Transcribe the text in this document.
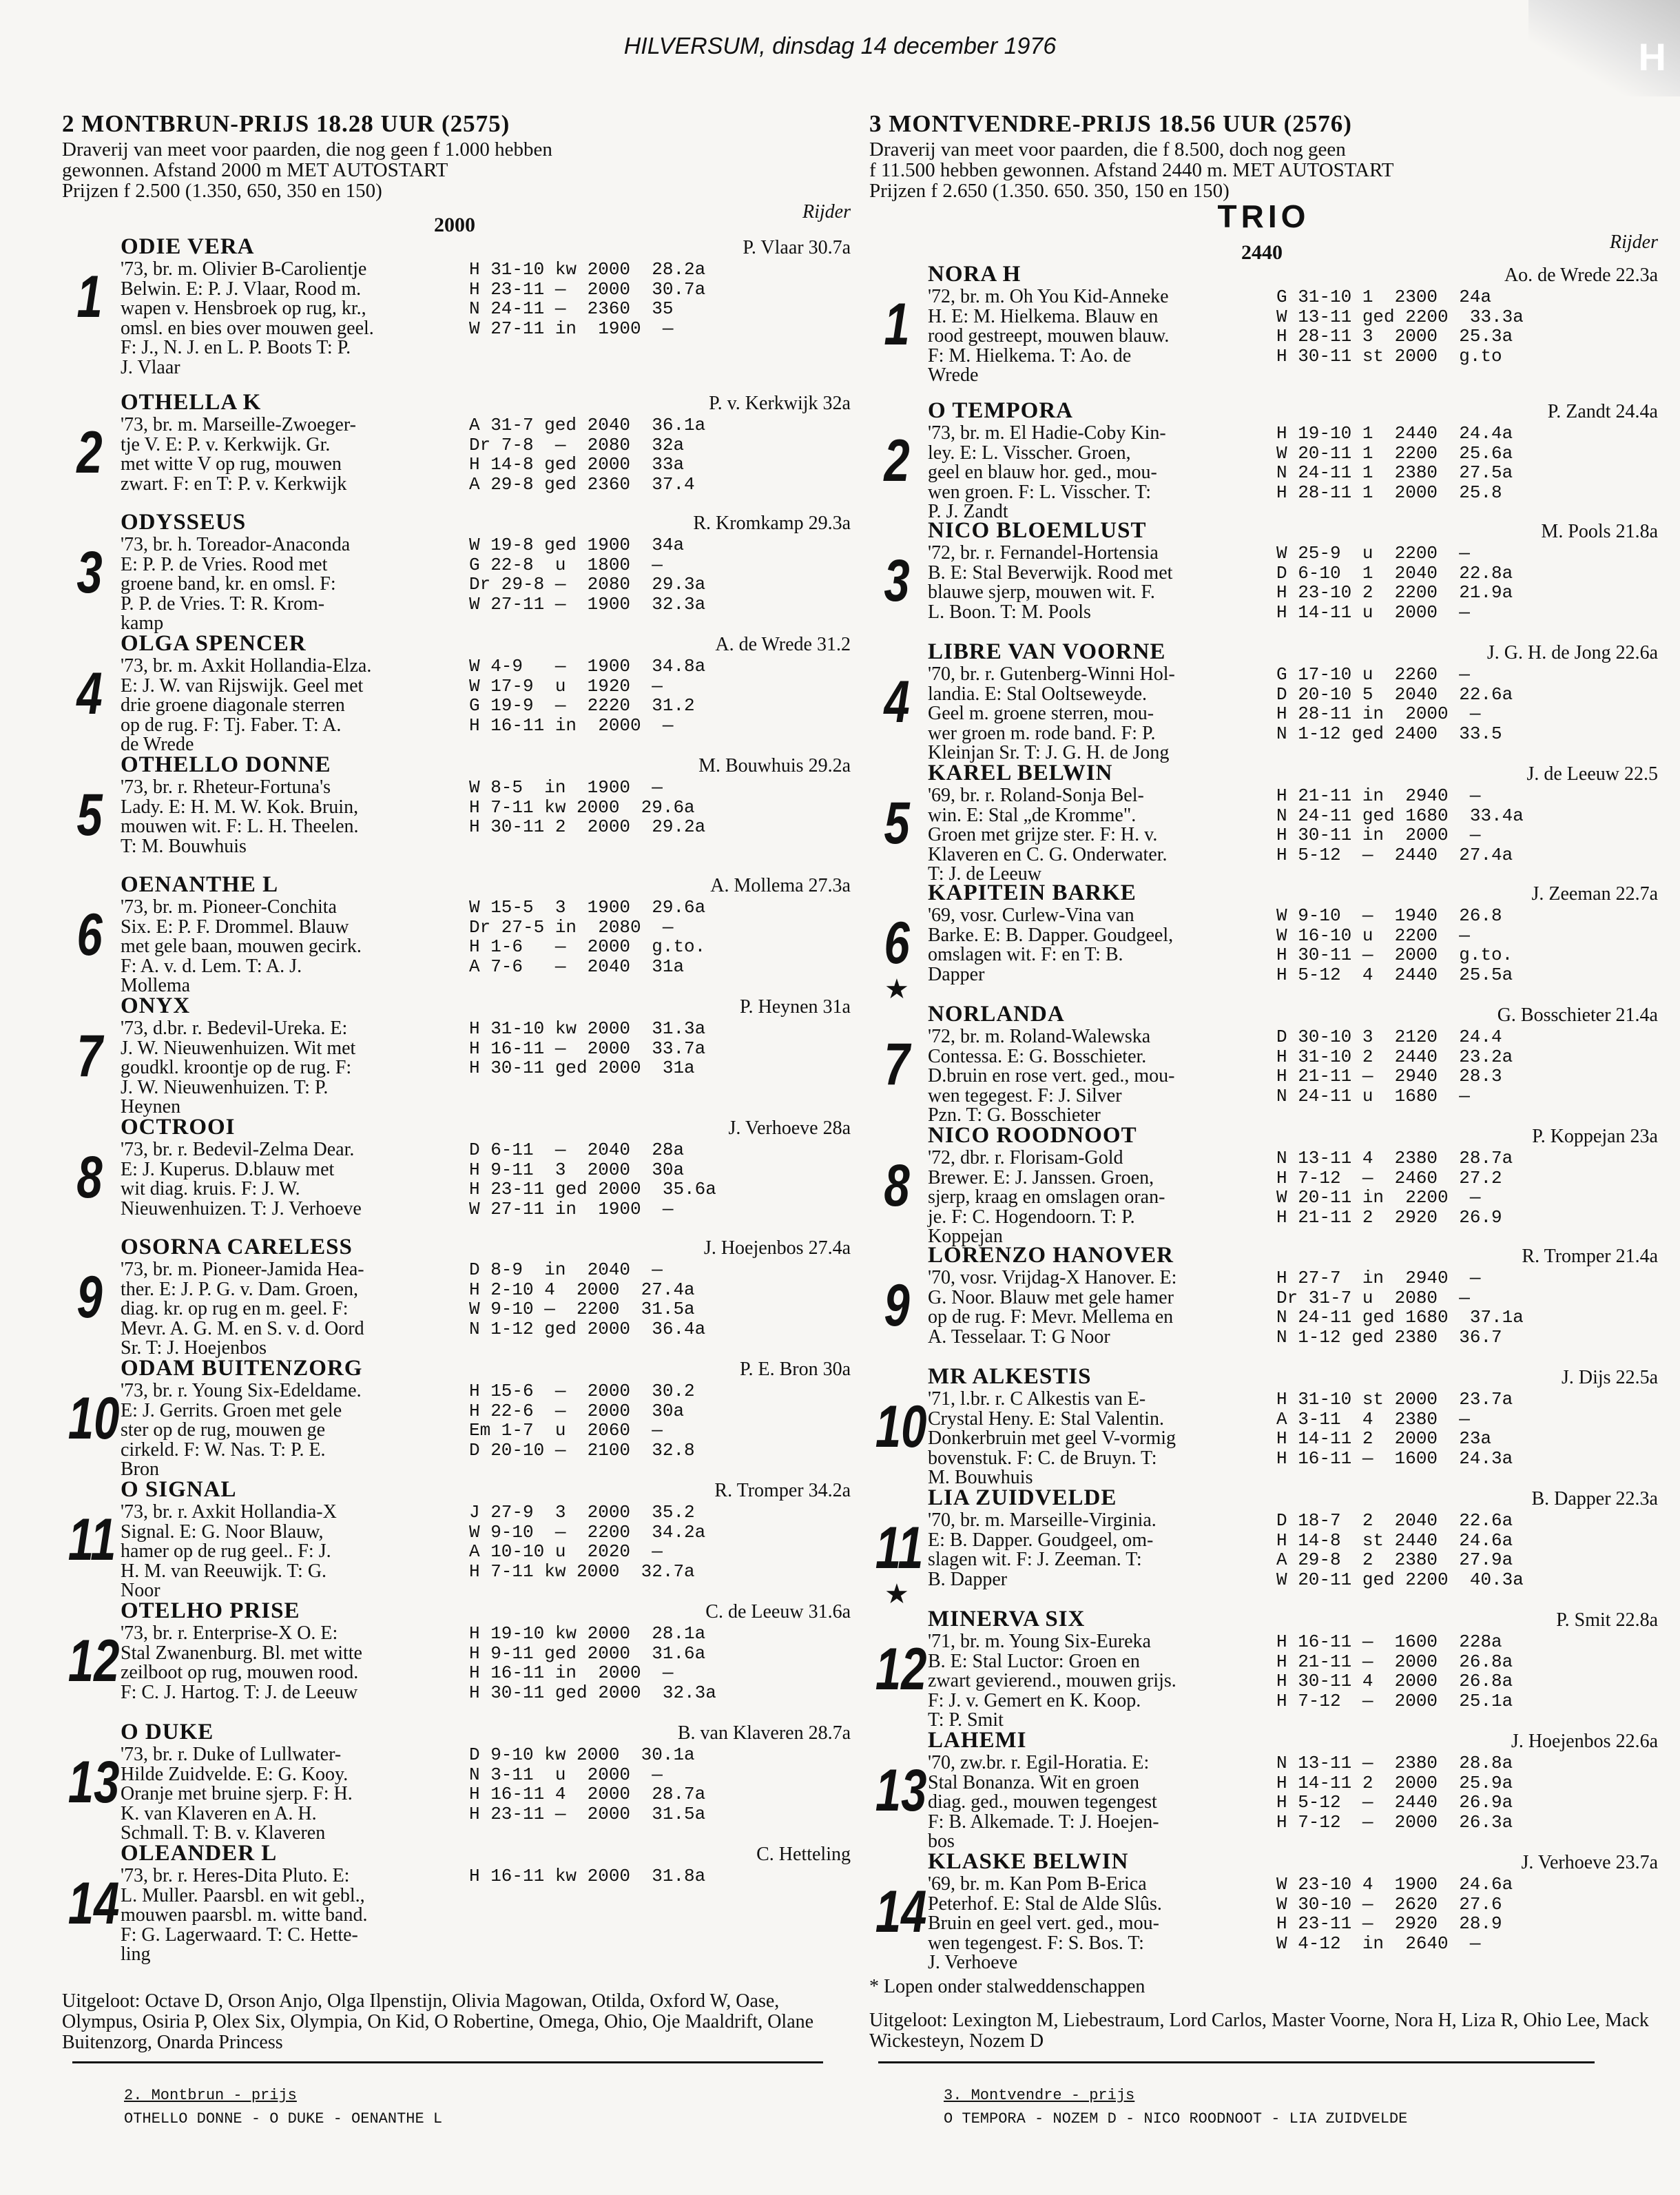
H
HILVERSUM, dinsdag 14 december 1976
2 MONTBRUN-PRIJS 18.28 UUR (2575)
Draverij van meet voor paarden, die nog geen f 1.000 hebben
gewonnen. Afstand 2000 m MET AUTOSTART
Prijzen f 2.500 (1.350, 650, 350 en 150)
Rijder
2000
1
ODIE VERA	P. Vlaar 30.7a
'73, br. m. Olivier B-Carolientje
Belwin. E: P. J. Vlaar, Rood m.
wapen v. Hensbroek op rug, kr.,
omsl. en bies over mouwen geel.
F: J., N. J. en L. P. Boots T: P.
J. Vlaar
H 31-10 kw 2000  28.2a
H 23-11 —  2000  30.7a
N 24-11 —  2360  35
W 27-11 in  1900  —
2
OTHELLA K	P. v. Kerkwijk 32a
'73, br. m. Marseille-Zwoeger-
tje V. E: P. v. Kerkwijk. Gr.
met witte V op rug, mouwen
zwart. F: en T: P. v. Kerkwijk
A 31-7 ged 2040  36.1a
Dr 7-8  —  2080  32a
H 14-8 ged 2000  33a
A 29-8 ged 2360  37.4
3
ODYSSEUS	R. Kromkamp 29.3a
'73, br. h. Toreador-Anaconda
E: P. P. de Vries. Rood met
groene band, kr. en omsl. F:
P. P. de Vries. T: R. Krom-
kamp
W 19-8 ged 1900  34a
G 22-8  u  1800  —
Dr 29-8 —  2080  29.3a
W 27-11 —  1900  32.3a
4
OLGA SPENCER	A. de Wrede 31.2
'73, br. m. Axkit Hollandia-Elza.
E: J. W. van Rijswijk. Geel met
drie groene diagonale sterren
op de rug. F: Tj. Faber. T: A.
de Wrede
W 4-9   —  1900  34.8a
W 17-9  u  1920  —
G 19-9  —  2220  31.2
H 16-11 in  2000  —
5
OTHELLO DONNE	M. Bouwhuis 29.2a
'73, br. r. Rheteur-Fortuna's
Lady. E: H. M. W. Kok. Bruin,
mouwen wit. F: L. H. Theelen.
T: M. Bouwhuis
W 8-5  in  1900  —
H 7-11 kw 2000  29.6a
H 30-11 2  2000  29.2a
6
OENANTHE L	A. Mollema 27.3a
'73, br. m. Pioneer-Conchita
Six. E: P. F. Drommel. Blauw
met gele baan, mouwen gecirk.
F: A. v. d. Lem. T: A. J.
Mollema
W 15-5  3  1900  29.6a
Dr 27-5 in  2080  —
H 1-6   —  2000  g.to.
A 7-6   —  2040  31a
7
ONYX	P. Heynen 31a
'73, d.br. r. Bedevil-Ureka. E:
J. W. Nieuwenhuizen. Wit met
goudkl. kroontje op de rug. F:
J. W. Nieuwenhuizen. T: P.
Heynen
H 31-10 kw 2000  31.3a
H 16-11 —  2000  33.7a
H 30-11 ged 2000  31a
8
OCTROOI	J. Verhoeve 28a
'73, br. r. Bedevil-Zelma Dear.
E: J. Kuperus. D.blauw met
wit diag. kruis. F: J. W.
Nieuwenhuizen. T: J. Verhoeve
D 6-11  —  2040  28a
H 9-11  3  2000  30a
H 23-11 ged 2000  35.6a
W 27-11 in  1900  —
9
OSORNA CARELESS	J. Hoejenbos 27.4a
'73, br. m. Pioneer-Jamida Hea-
ther. E: J. P. G. v. Dam. Groen,
diag. kr. op rug en m. geel. F:
Mevr. A. G. M. en S. v. d. Oord
Sr. T: J. Hoejenbos
D 8-9  in  2040  —
H 2-10 4  2000  27.4a
W 9-10 —  2200  31.5a
N 1-12 ged 2000  36.4a
10
ODAM BUITENZORG	P. E. Bron 30a
'73, br. r. Young Six-Edeldame.
E: J. Gerrits. Groen met gele
ster op de rug, mouwen ge
cirkeld. F: W. Nas. T: P. E.
Bron
H 15-6  —  2000  30.2
H 22-6  —  2000  30a
Em 1-7  u  2060  —
D 20-10 —  2100  32.8
11
O SIGNAL	R. Tromper 34.2a
'73, br. r. Axkit Hollandia-X
Signal. E: G. Noor Blauw,
hamer op de rug geel.. F: J.
H. M. van Reeuwijk. T: G.
Noor
J 27-9  3  2000  35.2
W 9-10  —  2200  34.2a
A 10-10 u  2020  —
H 7-11 kw 2000  32.7a
12
OTELHO PRISE	C. de Leeuw 31.6a
'73, br. r. Enterprise-X O. E:
Stal Zwanenburg. Bl. met witte
zeilboot op rug, mouwen rood.
F: C. J. Hartog. T: J. de Leeuw
H 19-10 kw 2000  28.1a
H 9-11 ged 2000  31.6a
H 16-11 in  2000  —
H 30-11 ged 2000  32.3a
13
O DUKE	B. van Klaveren 28.7a
'73, br. r. Duke of Lullwater-
Hilde Zuidvelde. E: G. Kooy.
Oranje met bruine sjerp. F: H.
K. van Klaveren en A. H.
Schmall. T: B. v. Klaveren
D 9-10 kw 2000  30.1a
N 3-11  u  2000  —
H 16-11 4  2000  28.7a
H 23-11 —  2000  31.5a
14
OLEANDER L	C. Hetteling
'73, br. r. Heres-Dita Pluto. E:
L. Muller. Paarsbl. en wit gebl.,
mouwen paarsbl. m. witte band.
F: G. Lagerwaard. T: C. Hette-
ling
H 16-11 kw 2000  31.8a
Uitgeloot: Octave D, Orson Anjo, Olga Ilpenstijn, Olivia Magowan, Otilda, Oxford W, Oase, Olympus, Osiria P, Olex Six, Olympia, On Kid, O Robertine, Omega, Ohio, Oje Maaldrift, Olane Buitenzorg, Onarda Princess
3 MONTVENDRE-PRIJS 18.56 UUR (2576)
Draverij van meet voor paarden, die f 8.500, doch nog geen
f 11.500 hebben gewonnen. Afstand 2440 m. MET AUTOSTART
Prijzen f 2.650 (1.350. 650. 350, 150 en 150)
TRIO
Rijder
2440
1
NORA H	Ao. de Wrede 22.3a
'72, br. m. Oh You Kid-Anneke
H. E: M. Hielkema. Blauw en
rood gestreept, mouwen blauw.
F: M. Hielkema. T: Ao. de
Wrede
G 31-10 1  2300  24a
W 13-11 ged 2200  33.3a
H 28-11 3  2000  25.3a
H 30-11 st 2000  g.to
2
O TEMPORA	P. Zandt 24.4a
'73, br. m. El Hadie-Coby Kin-
ley. E: L. Visscher. Groen,
geel en blauw hor. ged., mou-
wen groen. F: L. Visscher. T:
P. J. Zandt
H 19-10 1  2440  24.4a
W 20-11 1  2200  25.6a
N 24-11 1  2380  27.5a
H 28-11 1  2000  25.8
3
NICO BLOEMLUST	M. Pools 21.8a
'72, br. r. Fernandel-Hortensia
B. E: Stal Beverwijk. Rood met
blauwe sjerp, mouwen wit. F.
L. Boon. T: M. Pools
W 25-9  u  2200  —
D 6-10  1  2040  22.8a
H 23-10 2  2200  21.9a
H 14-11 u  2000  —
4
LIBRE VAN VOORNE	J. G. H. de Jong 22.6a
'70, br. r. Gutenberg-Winni Hol-
landia. E: Stal Ooltseweyde.
Geel m. groene sterren, mou-
wer groen m. rode band. F: P.
Kleinjan Sr. T: J. G. H. de Jong
G 17-10 u  2260  —
D 20-10 5  2040  22.6a
H 28-11 in  2000  —
N 1-12 ged 2400  33.5
5
KAREL BELWIN	J. de Leeuw 22.5
'69, br. r. Roland-Sonja Bel-
win. E: Stal „de Kromme".
Groen met grijze ster. F: H. v.
Klaveren en C. G. Onderwater.
T: J. de Leeuw
H 21-11 in  2940  —
N 24-11 ged 1680  33.4a
H 30-11 in  2000  —
H 5-12  —  2440  27.4a
6
★
KAPITEIN BARKE	J. Zeeman 22.7a
'69, vosr. Curlew-Vina van
Barke. E: B. Dapper. Goudgeel,
omslagen wit. F: en T: B.
Dapper
W 9-10  —  1940  26.8
W 16-10 u  2200  —
H 30-11 —  2000  g.to.
H 5-12  4  2440  25.5a
7
NORLANDA	G. Bosschieter 21.4a
'72, br. m. Roland-Walewska
Contessa. E: G. Bosschieter.
D.bruin en rose vert. ged., mou-
wen tegegest. F: J. Silver
Pzn. T: G. Bosschieter
D 30-10 3  2120  24.4
H 31-10 2  2440  23.2a
H 21-11 —  2940  28.3
N 24-11 u  1680  —
8
NICO ROODNOOT	P. Koppejan 23a
'72, dbr. r. Florisam-Gold
Brewer. E: J. Janssen. Groen,
sjerp, kraag en omslagen oran-
je. F: C. Hogendoorn. T: P.
Koppejan
N 13-11 4  2380  28.7a
H 7-12  —  2460  27.2
W 20-11 in  2200  —
H 21-11 2  2920  26.9
9
LORENZO HANOVER	R. Tromper 21.4a
'70, vosr. Vrijdag-X Hanover. E:
G. Noor. Blauw met gele hamer
op de rug. F: Mevr. Mellema en
A. Tesselaar. T: G Noor
H 27-7  in  2940  —
Dr 31-7 u  2080  —
N 24-11 ged 1680  37.1a
N 1-12 ged 2380  36.7
10
MR ALKESTIS	J. Dijs 22.5a
'71, l.br. r. C Alkestis van E-
Crystal Heny. E: Stal Valentin.
Donkerbruin met geel V-vormig
bovenstuk. F: C. de Bruyn. T:
M. Bouwhuis
H 31-10 st 2000  23.7a
A 3-11  4  2380  —
H 14-11 2  2000  23a
H 16-11 —  1600  24.3a
11
★
LIA ZUIDVELDE	B. Dapper 22.3a
'70, br. m. Marseille-Virginia.
E: B. Dapper. Goudgeel, om-
slagen wit. F: J. Zeeman. T:
B. Dapper
D 18-7  2  2040  22.6a
H 14-8  st 2440  24.6a
A 29-8  2  2380  27.9a
W 20-11 ged 2200  40.3a
12
MINERVA SIX	P. Smit 22.8a
'71, br. m. Young Six-Eureka
B. E: Stal Luctor: Groen en
zwart gevierend., mouwen grijs.
F: J. v. Gemert en K. Koop.
T: P. Smit
H 16-11 —  1600  228a
H 21-11 —  2000  26.8a
H 30-11 4  2000  26.8a
H 7-12  —  2000  25.1a
13
LAHEMI	J. Hoejenbos 22.6a
'70, zw.br. r. Egil-Horatia. E:
Stal Bonanza. Wit en groen
diag. ged., mouwen tegengest
F: B. Alkemade. T: J. Hoejen-
bos
N 13-11 —  2380  28.8a
H 14-11 2  2000  25.9a
H 5-12  —  2440  26.9a
H 7-12  —  2000  26.3a
14
KLASKE BELWIN	J. Verhoeve 23.7a
'69, br. m. Kan Pom B-Erica
Peterhof. E: Stal de Alde Slûs.
Bruin en geel vert. ged., mou-
wen tegengest. F: S. Bos. T:
J. Verhoeve
W 23-10 4  1900  24.6a
W 30-10 —  2620  27.6
H 23-11 —  2920  28.9
W 4-12  in  2640  —
* Lopen onder stalweddenschappen
Uitgeloot: Lexington M, Liebestraum, Lord Carlos, Master Voorne, Nora H, Liza R, Ohio Lee, Mack Wickesteyn, Nozem D
2. Montbrun - prijs
OTHELLO DONNE - O DUKE - OENANTHE L
3. Montvendre - prijs
O TEMPORA - NOZEM D - NICO ROODNOOT - LIA ZUIDVELDE
